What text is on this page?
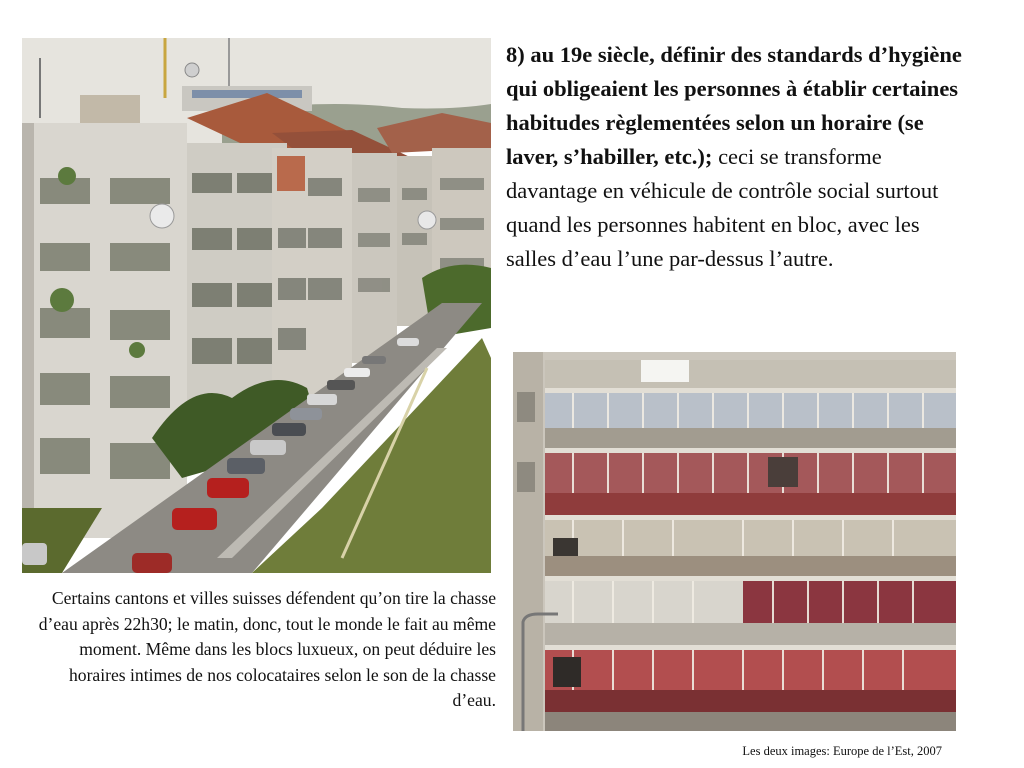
8) au 19e siècle, définir des standards d’hygiène qui obligeaient les personnes à établir certaines habitudes règlementées selon un horaire (se laver, s’habiller, etc.); ceci se transforme davantage en véhicule de contrôle social surtout quand les personnes habitent en bloc, avec les salles d’eau l’une par-dessus l’autre.
Certains cantons et villes suisses défendent qu’on tire la chasse d’eau après 22h30; le matin, donc, tout le monde le fait au même moment. Même dans les blocs luxueux, on peut déduire les horaires intimes de nos colocataires selon le son de la chasse d’eau.
Les deux images: Europe de l’Est, 2007
